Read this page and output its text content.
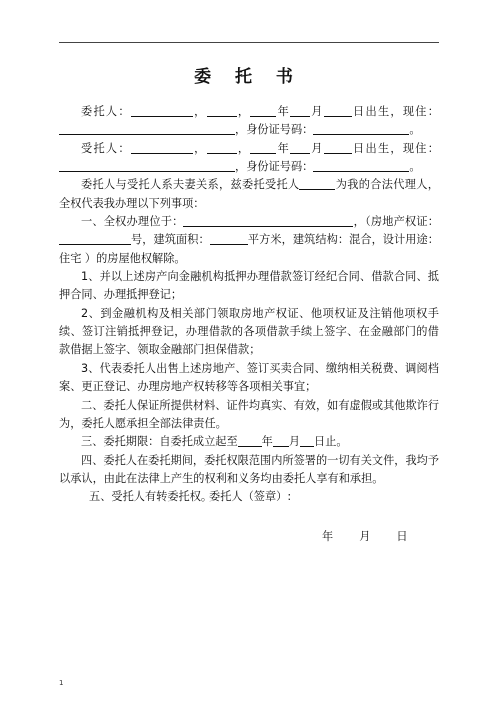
委 托 书

委托人：	，	， 年 月	日出生，现住：，身份证号码：	。

受托人：	，	， 年 月	日出生，现住：，身份证号码：	。

委托人与受托人系夫妻关系，兹委托受托人	为我的合法代理人，全权代表我办理以下列事项：

一、全权办理位于：	，（房地产权证：号，建筑面积：	平方米，建筑结构：混合，设计用途：住宅 ）的房屋他权解除。

1、并以上述房产向金融机构抵押办理借款签订经纪合同、借款合同、抵押合同、办理抵押登记；

2、到金融机构及相关部门领取房地产权证、他项权证及注销他项权手续、签订注销抵押登记，办理借款的各项借款手续上签字、在金融部门的借款借据上签字、领取金融部门担保借款；

3、代表委托人出售上述房地产、签订买卖合同、缴纳相关税费、调阅档案、更正登记、办理房地产权转移等各项相关事宜；

二、委托人保证所提供材料、证件均真实、有效，如有虚假或其他欺诈行为，委托人愿承担全部法律责任。

三、委托期限：自委托成立起至 年 月 日止。

四、委托人在委托期间，委托权限范围内所签署的一切有关文件，我均予以承认，由此在法律上产生的权利和义务均由委托人享有和承担。

五、受托人有转委托权。

委托人（签章）:
年 月 日
1
